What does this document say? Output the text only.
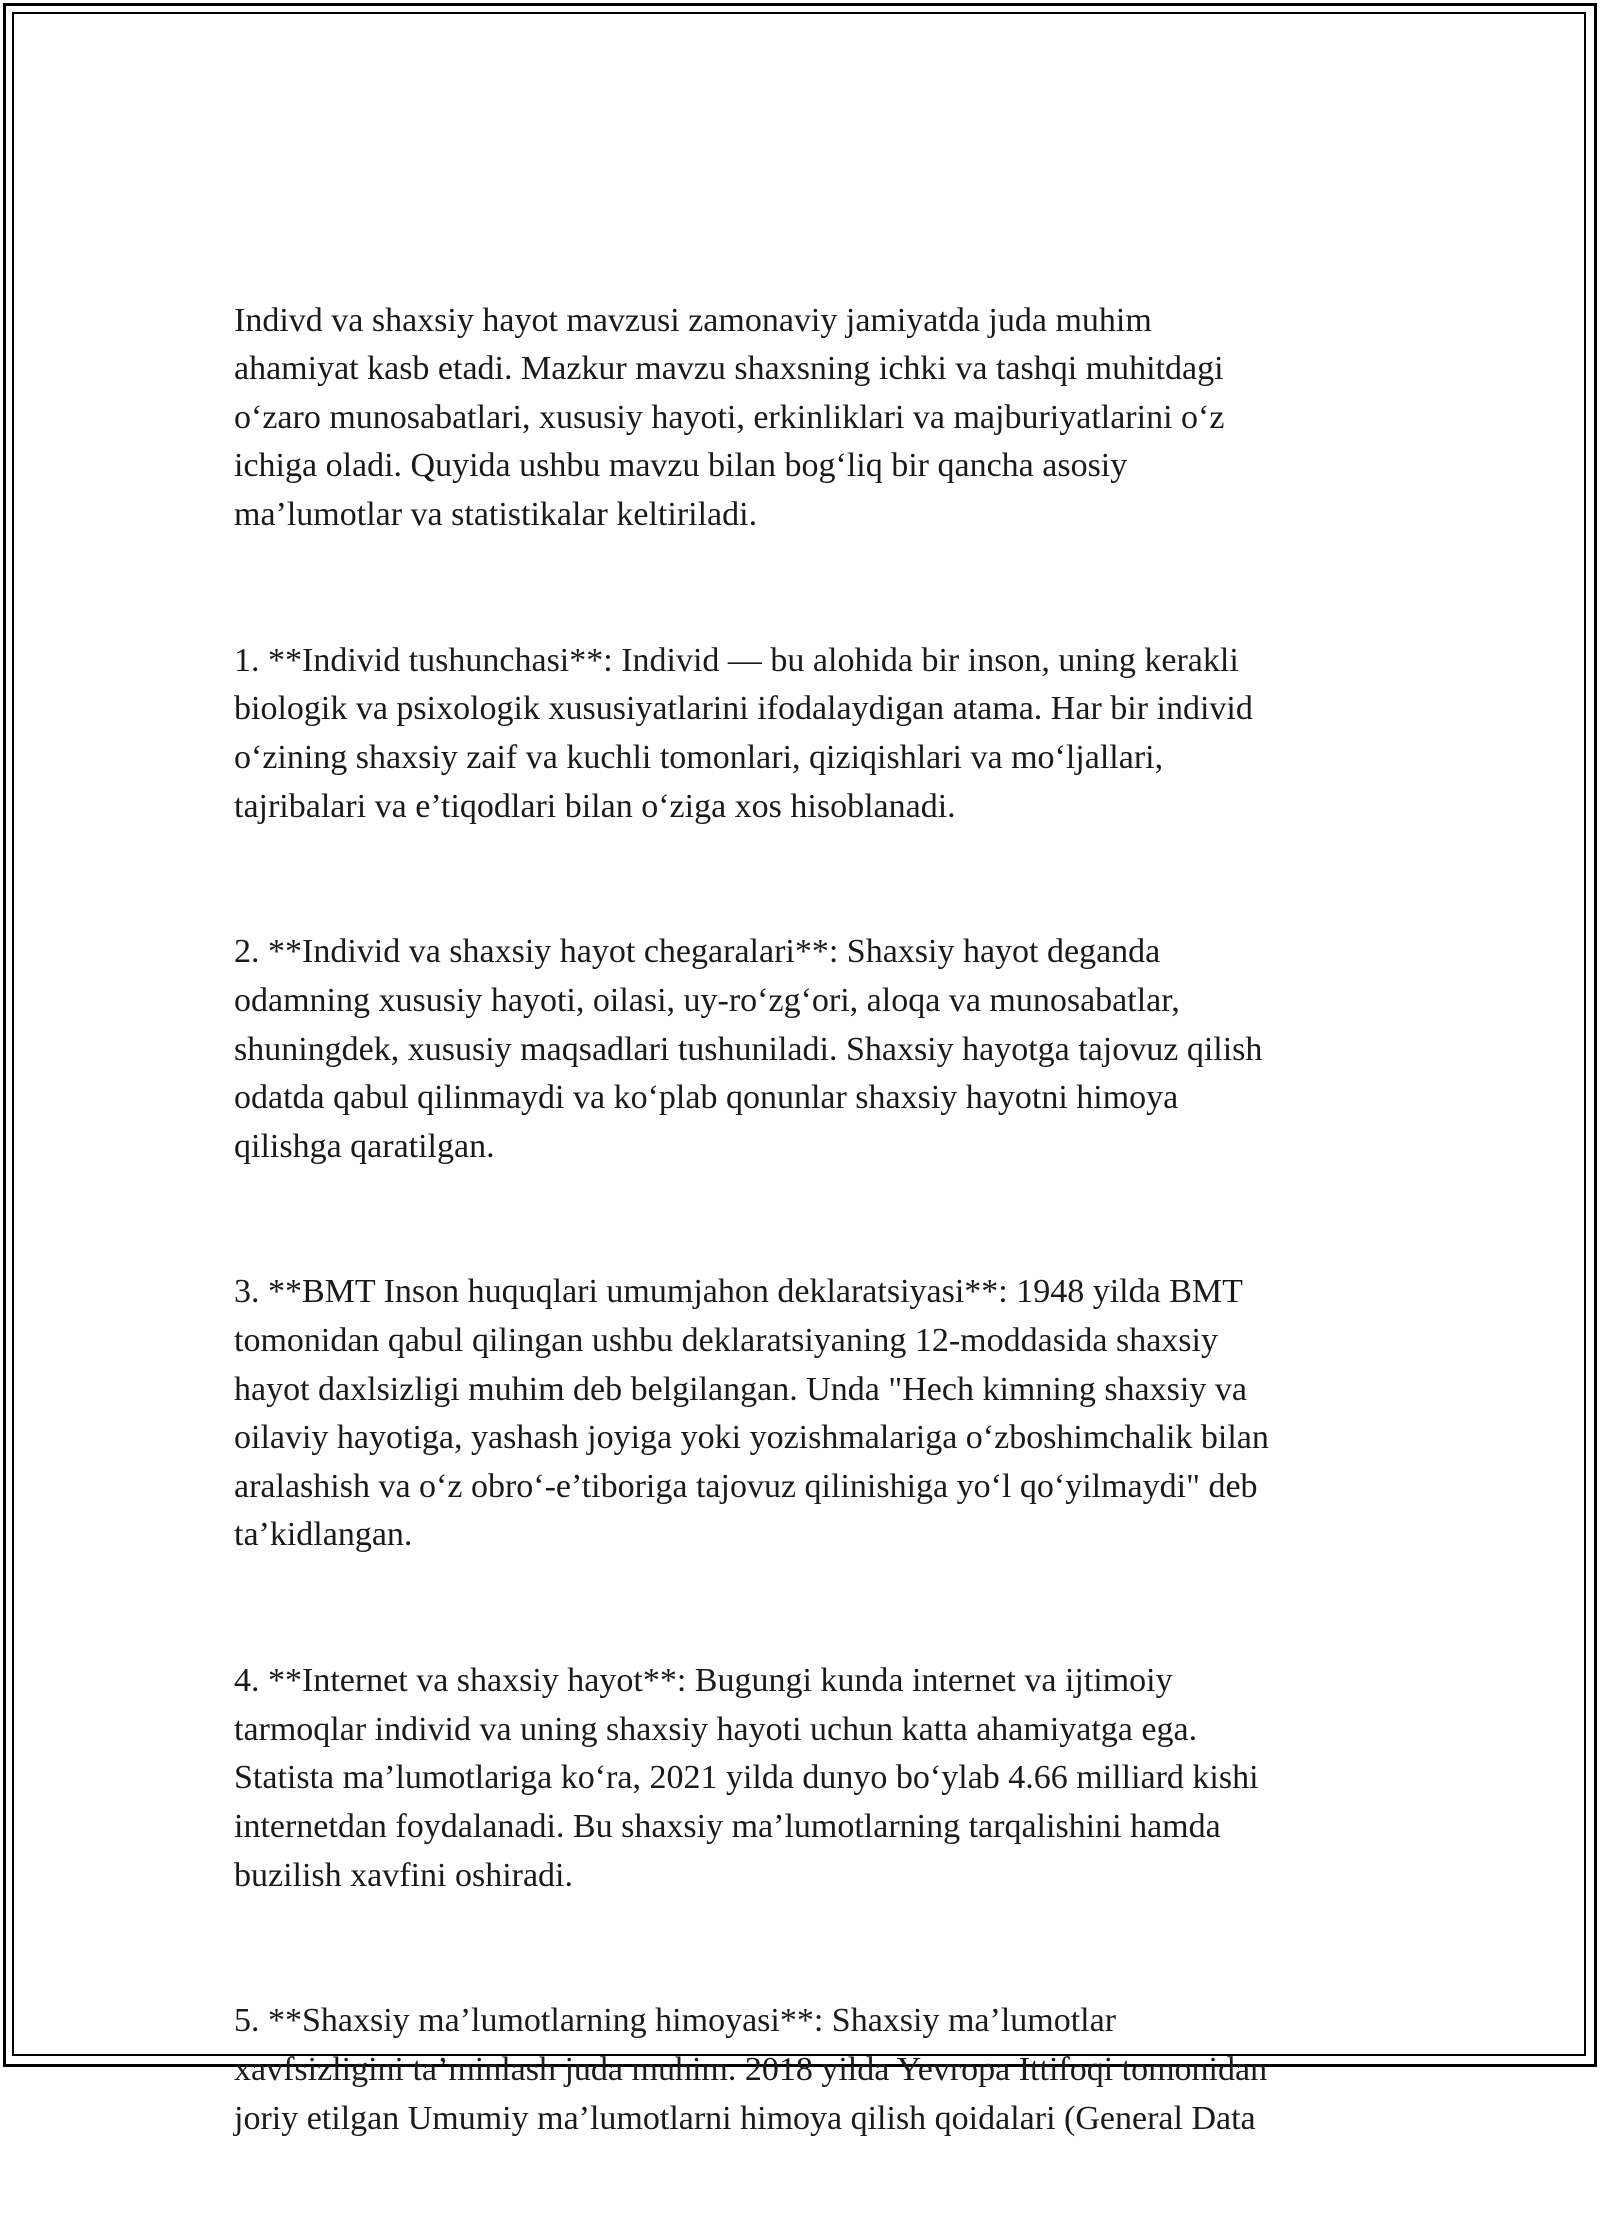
Indivd va shaxsiy hayot mavzusi zamonaviy jamiyatda juda muhim
ahamiyat kasb etadi. Mazkur mavzu shaxsning ichki va tashqi muhitdagi
o‘zaro munosabatlari, xususiy hayoti, erkinliklari va majburiyatlarini o‘z
ichiga oladi. Quyida ushbu mavzu bilan bog‘liq bir qancha asosiy
ma’lumotlar va statistikalar keltiriladi.

1. **Individ tushunchasi**: Individ — bu alohida bir inson, uning kerakli
biologik va psixologik xususiyatlarini ifodalaydigan atama. Har bir individ
o‘zining shaxsiy zaif va kuchli tomonlari, qiziqishlari va mo‘ljallari,
tajribalari va e’tiqodlari bilan o‘ziga xos hisoblanadi.

2. **Individ va shaxsiy hayot chegaralari**: Shaxsiy hayot deganda
odamning xususiy hayoti, oilasi, uy-ro‘zg‘ori, aloqa va munosabatlar,
shuningdek, xususiy maqsadlari tushuniladi. Shaxsiy hayotga tajovuz qilish
odatda qabul qilinmaydi va ko‘plab qonunlar shaxsiy hayotni himoya
qilishga qaratilgan.

3. **BMT Inson huquqlari umumjahon deklaratsiyasi**: 1948 yilda BMT
tomonidan qabul qilingan ushbu deklaratsiyaning 12-moddasida shaxsiy
hayot daxlsizligi muhim deb belgilangan. Unda "Hech kimning shaxsiy va
oilaviy hayotiga, yashash joyiga yoki yozishmalariga o‘zboshimchalik bilan
aralashish va o‘z obro‘-e’tiboriga tajovuz qilinishiga yo‘l qo‘yilmaydi" deb
ta’kidlangan.

4. **Internet va shaxsiy hayot**: Bugungi kunda internet va ijtimoiy
tarmoqlar individ va uning shaxsiy hayoti uchun katta ahamiyatga ega.
Statista ma’lumotlariga ko‘ra, 2021 yilda dunyo bo‘ylab 4.66 milliard kishi
internetdan foydalanadi. Bu shaxsiy ma’lumotlarning tarqalishini hamda
buzilish xavfini oshiradi.

5. **Shaxsiy ma’lumotlarning himoyasi**: Shaxsiy ma’lumotlar
xavfsizligini ta’minlash juda muhim. 2018 yilda Yevropa Ittifoqi tomonidan
joriy etilgan Umumiy ma’lumotlarni himoya qilish qoidalari (General Data
